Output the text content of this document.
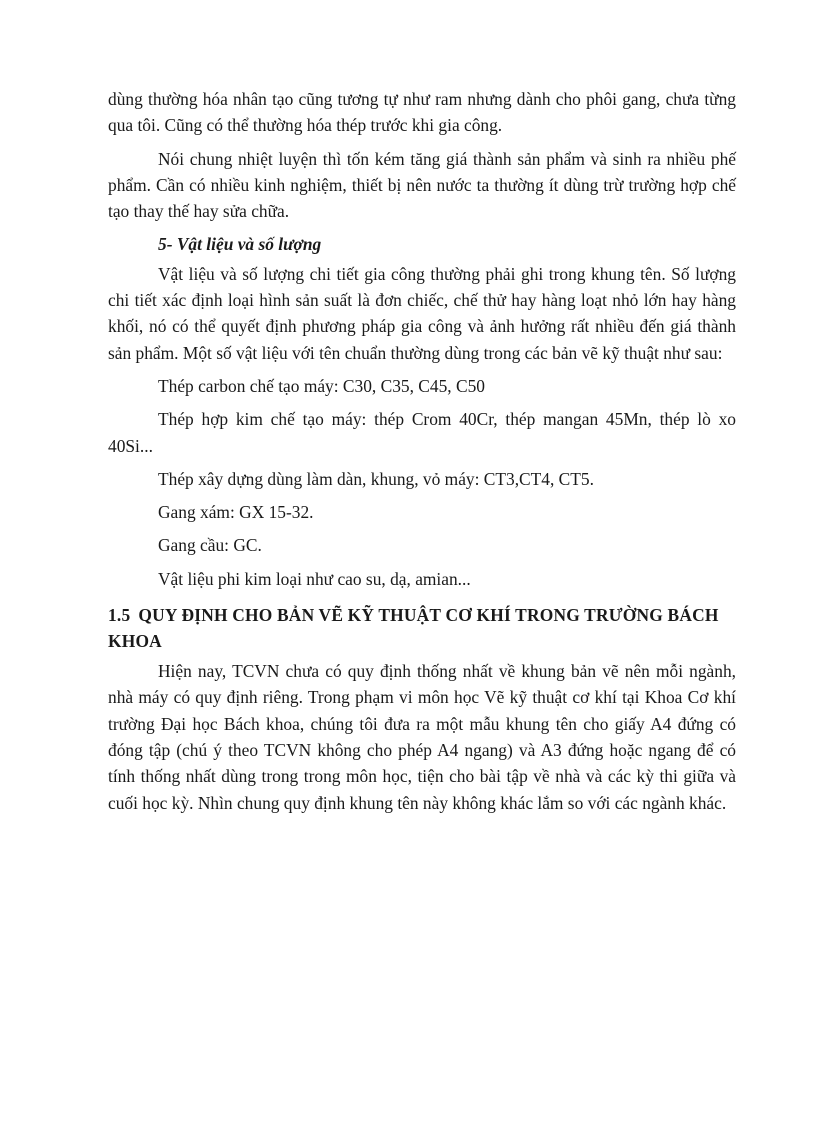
dùng thường hóa nhân tạo cũng tương tự như ram nhưng dành cho phôi gang, chưa từng qua tôi. Cũng có thể thường hóa thép trước khi gia công.

Nói chung nhiệt luyện thì tốn kém tăng giá thành sản phẩm và sinh ra nhiều phế phẩm. Cần có nhiều kinh nghiệm, thiết bị nên nước ta thường ít dùng trừ trường hợp chế tạo thay thế hay sửa chữa.

5- Vật liệu và số lượng

Vật liệu và số lượng chi tiết gia công thường phải ghi trong khung tên. Số lượng chi tiết xác định loại hình sản suất là đơn chiếc, chế thử hay hàng loạt nhỏ lớn hay hàng khối, nó có thể quyết định phương pháp gia công và ảnh hưởng rất nhiều đến giá thành sản phẩm. Một số vật liệu với tên chuẩn thường dùng trong các bản vẽ kỹ thuật như sau:

Thép carbon chế tạo máy: C30, C35, C45, C50

Thép hợp kim chế tạo máy: thép Crom 40Cr, thép mangan 45Mn, thép lò xo 40Si...

Thép xây dựng dùng làm dàn, khung, vỏ máy: CT3,CT4, CT5.

Gang xám: GX 15-32.

Gang cầu: GC.

Vật liệu phi kim loại như cao su, dạ, amian...

1.5 QUY ĐỊNH CHO BẢN VẼ KỸ THUẬT CƠ KHÍ TRONG TRƯỜNG BÁCH KHOA

Hiện nay, TCVN chưa có quy định thống nhất về khung bản vẽ nên mỗi ngành, nhà máy có quy định riêng. Trong phạm vi môn học Vẽ kỹ thuật cơ khí tại Khoa Cơ khí trường Đại học Bách khoa, chúng tôi đưa ra một mẫu khung tên cho giấy A4 đứng có đóng tập (chú ý theo TCVN không cho phép A4 ngang) và A3 đứng hoặc ngang để có tính thống nhất dùng trong trong môn học, tiện cho bài tập về nhà và các kỳ thi giữa và cuối học kỳ. Nhìn chung quy định khung tên này không khác lắm so với các ngành khác.
